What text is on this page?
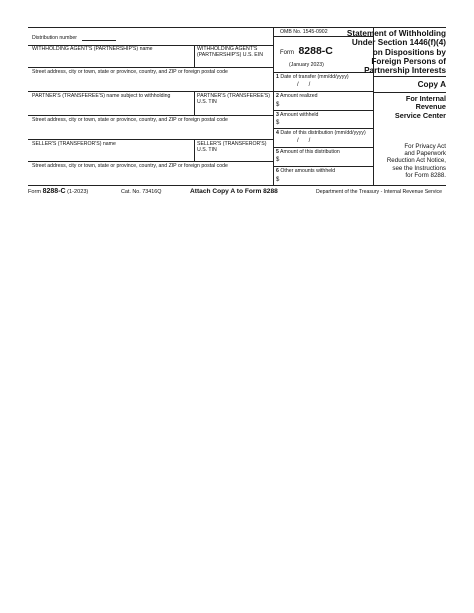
Distribution number
WITHHOLDING AGENT'S (PARTNERSHIP'S) name	WITHHOLDING AGENT'S (PARTNERSHIP'S) U.S. EIN
Street address, city or town, state or province, country, and ZIP or foreign postal code
PARTNER'S (TRANSFEREE'S) name subject to withholding	PARTNER'S (TRANSFEREE'S) U.S. TIN
Street address, city or town, state or province, country, and ZIP or foreign postal code
SELLER'S (TRANSFEROR'S) name	SELLER'S (TRANSFEROR'S) U.S. TIN
Street address, city or town, state or province, country, and ZIP or foreign postal code
OMB No. 1545-0902
Form 8288-C
(January 2023)
1 Date of transfer (mm/dd/yyyy)
/      /
2 Amount realized
$
3 Amount withheld
$
4 Date of this distribution (mm/dd/yyyy)
/      /
5 Amount of this distribution
$
6 Other amounts withheld
$
Statement of Withholding
Under Section 1446(f)(4)
on Dispositions by
Foreign Persons of
Partnership Interests
Copy A
For Internal
Revenue
Service Center
For Privacy Act
and Paperwork
Reduction Act Notice,
see the Instructions
for Form 8288.
Form 8288-C (1-2023)	Cat. No. 73416Q	Attach Copy A to Form 8288	Department of the Treasury - Internal Revenue Service
